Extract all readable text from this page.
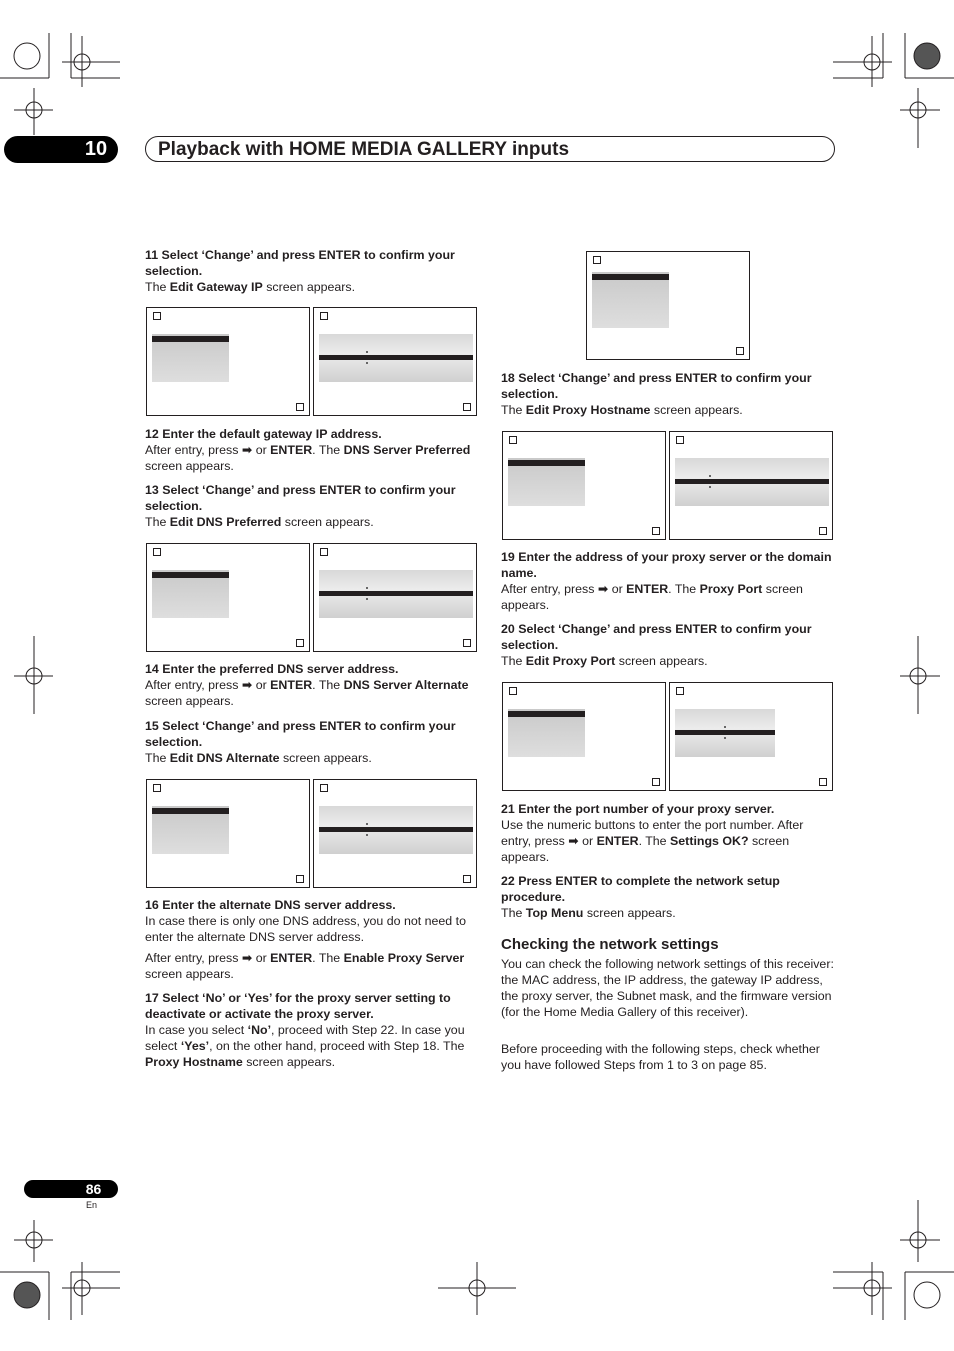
10	Playback with HOME MEDIA GALLERY inputs
11 Select ‘Change’ and press ENTER to confirm your selection.
The Edit Gateway IP screen appears.
12 Enter the default gateway IP address.
After entry, press ➡ or ENTER. The DNS Server Preferred screen appears.
13 Select ‘Change’ and press ENTER to confirm your selection.
The Edit DNS Preferred screen appears.
14 Enter the preferred DNS server address.
After entry, press ➡ or ENTER. The DNS Server Alternate screen appears.
15 Select ‘Change’ and press ENTER to confirm your selection.
The Edit DNS Alternate screen appears.
16 Enter the alternate DNS server address.
In case there is only one DNS address, you do not need to enter the alternate DNS server address.
After entry, press ➡ or ENTER. The Enable Proxy Server screen appears.
17 Select ‘No’ or ‘Yes’ for the proxy server setting to deactivate or activate the proxy server.
In case you select ‘No’, proceed with Step 22. In case you select ‘Yes’, on the other hand, proceed with Step 18. The Proxy Hostname screen appears.
18 Select ‘Change’ and press ENTER to confirm your selection.
The Edit Proxy Hostname screen appears.
19 Enter the address of your proxy server or the domain name.
After entry, press ➡ or ENTER. The Proxy Port screen appears.
20 Select ‘Change’ and press ENTER to confirm your selection.
The Edit Proxy Port screen appears.
21 Enter the port number of your proxy server.
Use the numeric buttons to enter the port number. After entry, press ➡ or ENTER. The Settings OK? screen appears.
22 Press ENTER to complete the network setup procedure.
The Top Menu screen appears.
Checking the network settings
You can check the following network settings of this receiver: the MAC address, the IP address, the gateway IP address, the proxy server, the Subnet mask, and the firmware version (for the Home Media Gallery of this receiver).
Before proceeding with the following steps, check whether you have followed Steps from 1 to 3 on page 85.
86
En
